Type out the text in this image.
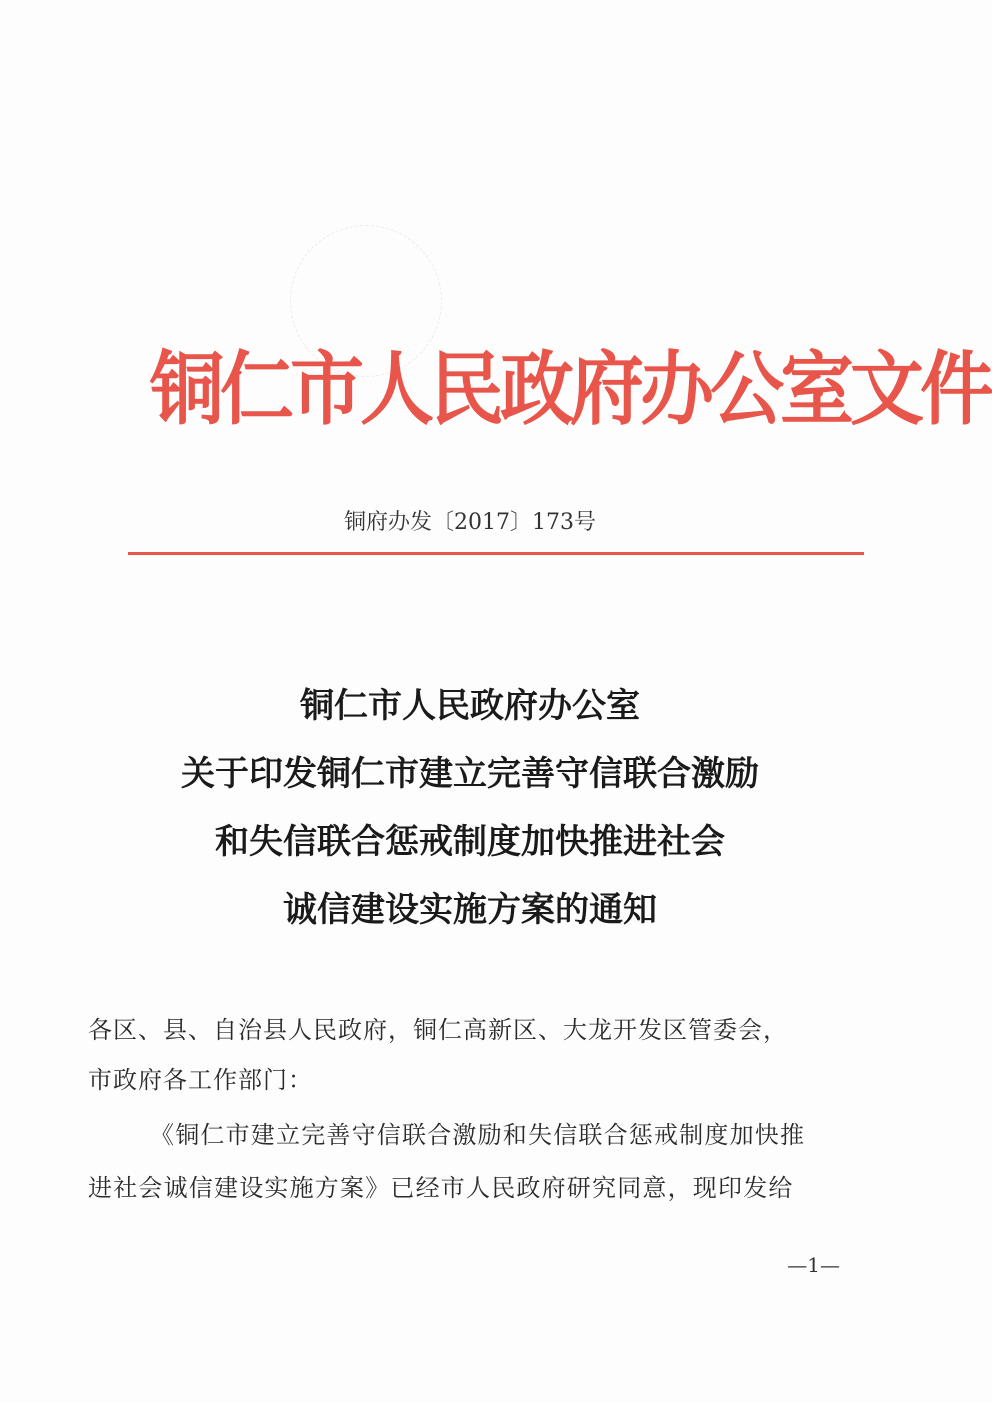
铜仁市人民政府办公室文件
铜府办发〔2017〕173号
铜仁市人民政府办公室
关于印发铜仁市建立完善守信联合激励
和失信联合惩戒制度加快推进社会
诚信建设实施方案的通知
各区、县、自治县人民政府，铜仁高新区、大龙开发区管委会，
市政府各工作部门：
《铜仁市建立完善守信联合激励和失信联合惩戒制度加快推
进社会诚信建设实施方案》已经市人民政府研究同意，现印发给
—1—
